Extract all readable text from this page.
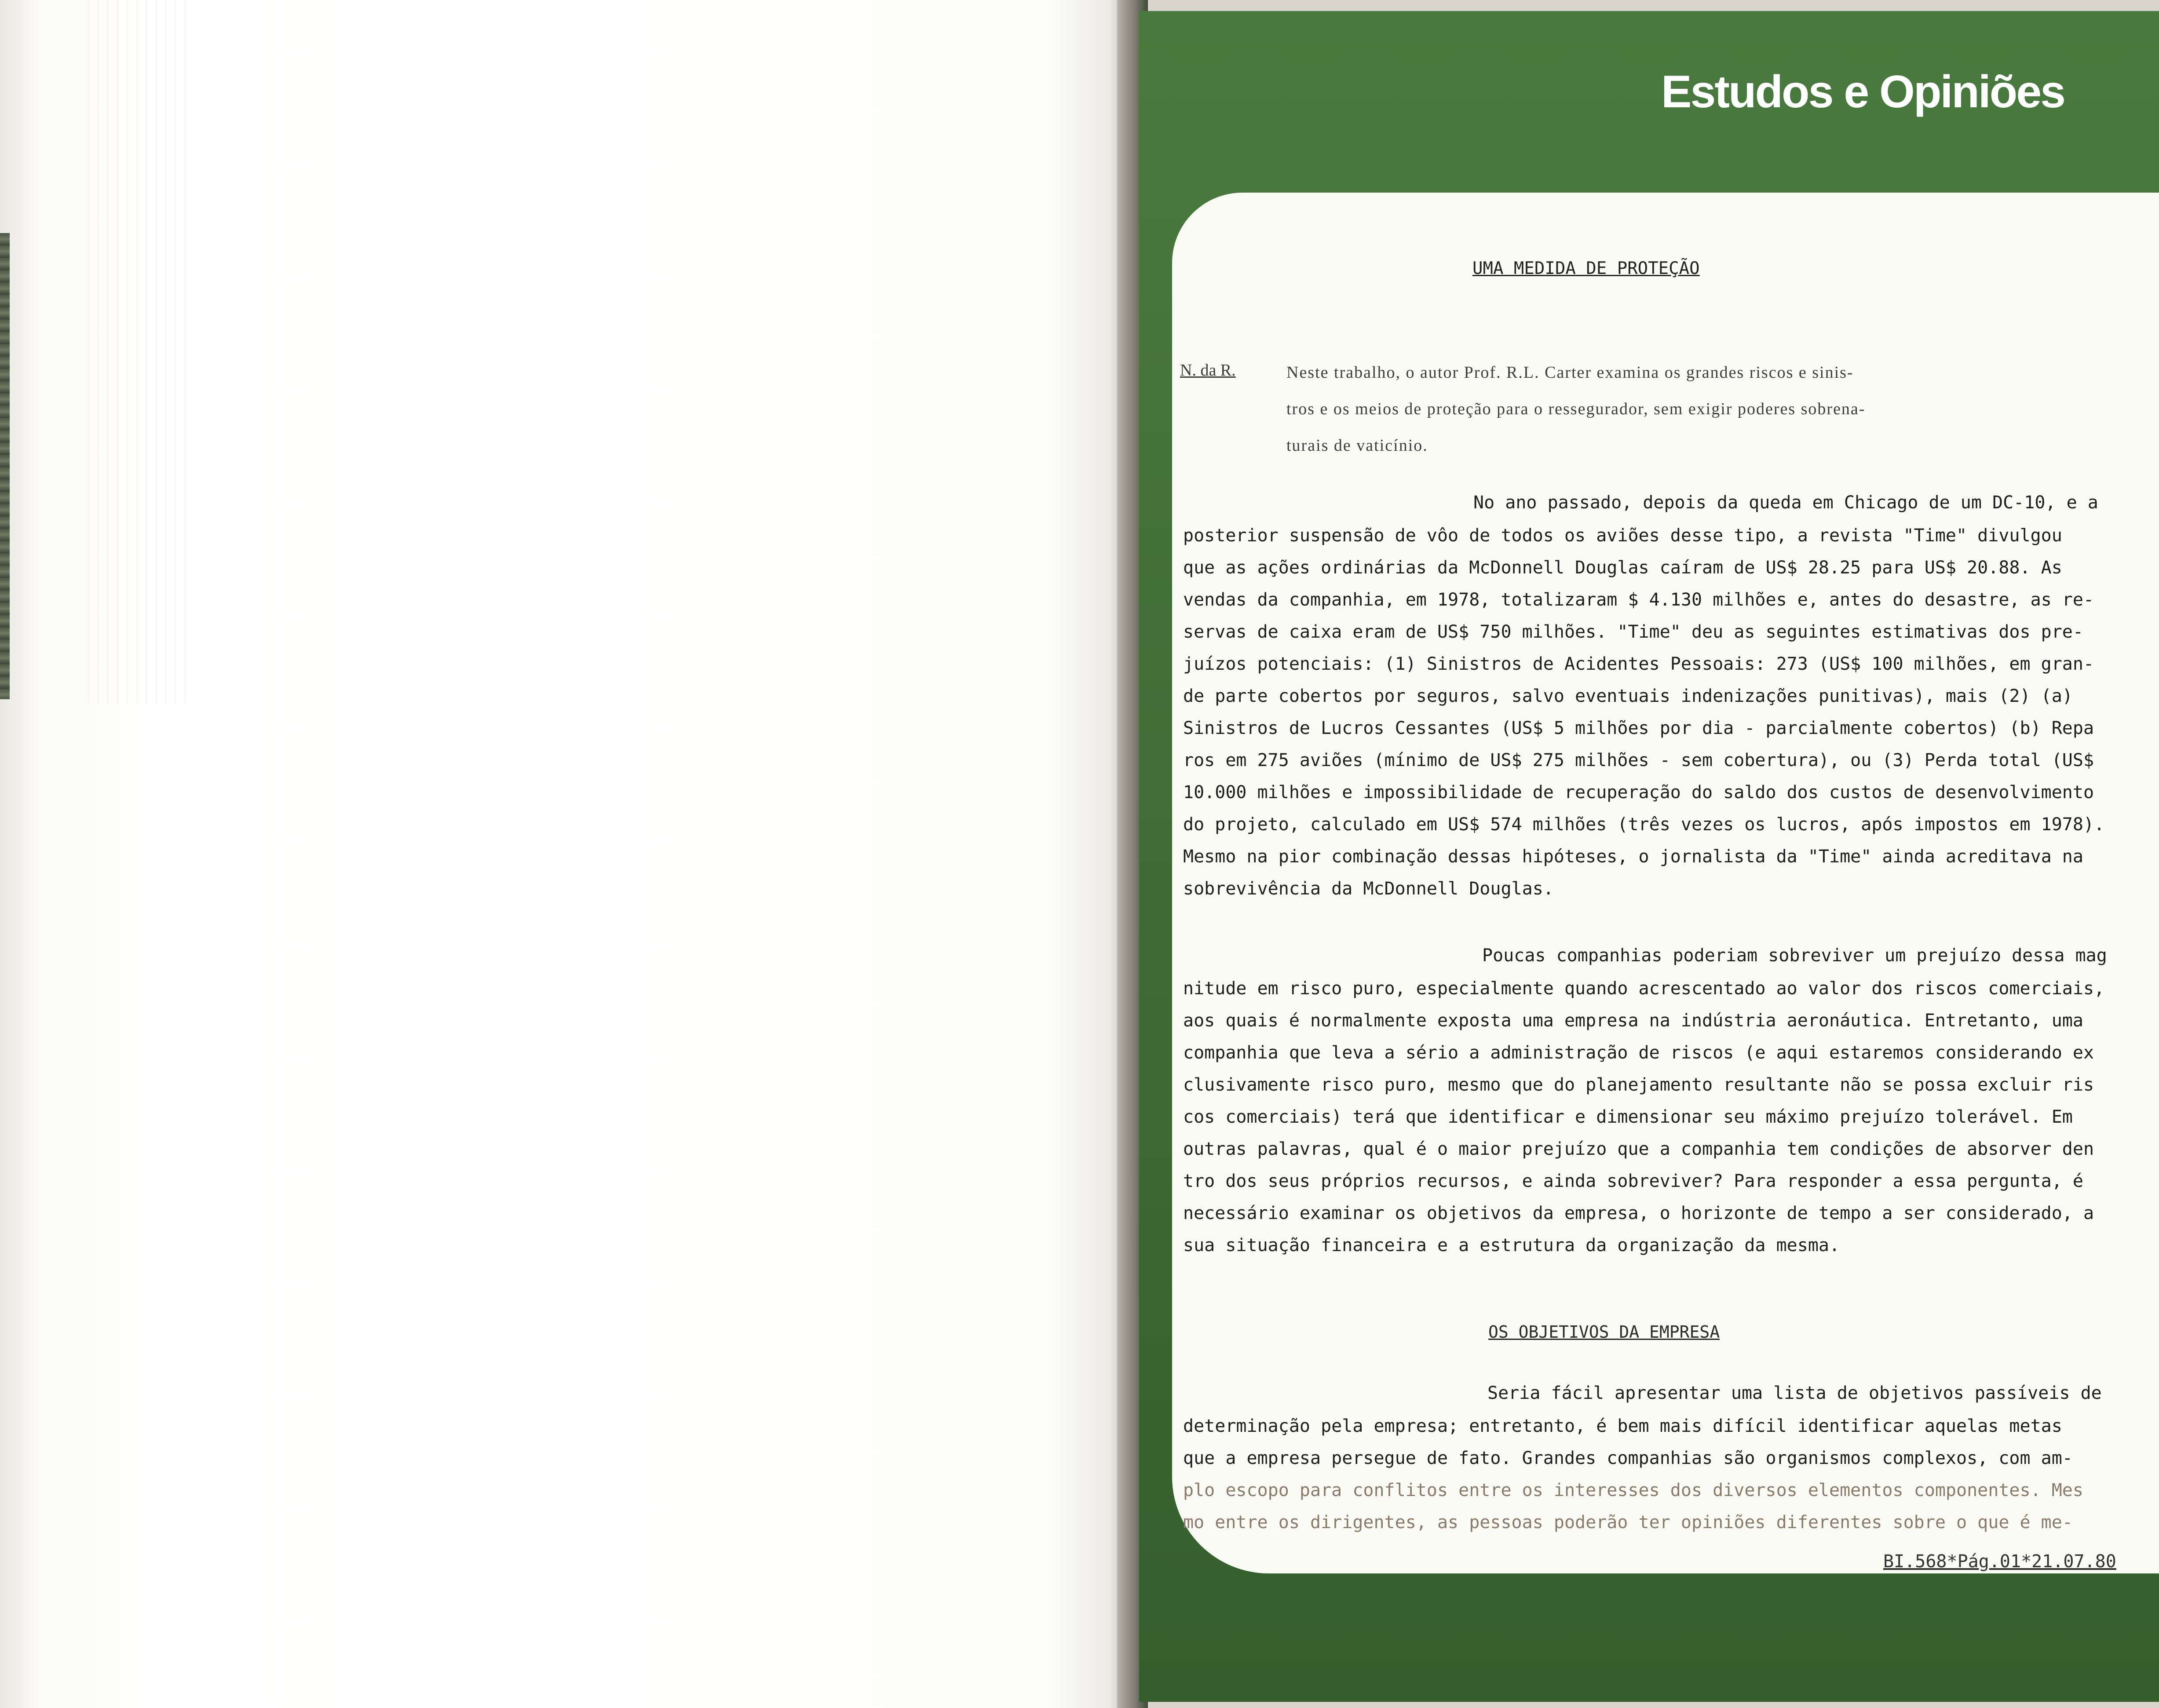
Estudos e Opiniões
UMA MEDIDA DE PROTEÇÃO
N. da R.	Neste trabalho, o autor Prof. R.L. Carter examina os grandes riscos e sinis-
tros e os meios de proteção para o ressegurador, sem exigir poderes sobrena-
turais de vaticínio.
No ano passado, depois da queda em Chicago de um DC-10, e a
posterior suspensão de vôo de todos os aviões desse tipo, a revista "Time" divulgou
que as ações ordinárias da McDonnell Douglas caíram de US$ 28.25 para US$ 20.88. As
vendas da companhia, em 1978, totalizaram $ 4.130 milhões e, antes do desastre, as re-
servas de caixa eram de US$ 750 milhões. "Time" deu as seguintes estimativas dos pre-
juízos potenciais: (1) Sinistros de Acidentes Pessoais: 273 (US$ 100 milhões, em gran-
de parte cobertos por seguros, salvo eventuais indenizações punitivas), mais (2) (a)
Sinistros de Lucros Cessantes (US$ 5 milhões por dia - parcialmente cobertos) (b) Repa
ros em 275 aviões (mínimo de US$ 275 milhões - sem cobertura), ou (3) Perda total (US$
10.000 milhões e impossibilidade de recuperação do saldo dos custos de desenvolvimento
do projeto, calculado em US$ 574 milhões (três vezes os lucros, após impostos em 1978).
Mesmo na pior combinação dessas hipóteses, o jornalista da "Time" ainda acreditava na
sobrevivência da McDonnell Douglas.
Poucas companhias poderiam sobreviver um prejuízo dessa mag
nitude em risco puro, especialmente quando acrescentado ao valor dos riscos comerciais,
aos quais é normalmente exposta uma empresa na indústria aeronáutica. Entretanto, uma
companhia que leva a sério a administração de riscos (e aqui estaremos considerando ex
clusivamente risco puro, mesmo que do planejamento resultante não se possa excluir ris
cos comerciais) terá que identificar e dimensionar seu máximo prejuízo tolerável. Em
outras palavras, qual é o maior prejuízo que a companhia tem condições de absorver den
tro dos seus próprios recursos, e ainda sobreviver? Para responder a essa pergunta, é
necessário examinar os objetivos da empresa, o horizonte de tempo a ser considerado, a
sua situação financeira e a estrutura da organização da mesma.
OS OBJETIVOS DA EMPRESA
Seria fácil apresentar uma lista de objetivos passíveis de
determinação pela empresa; entretanto, é bem mais difícil identificar aquelas metas
que a empresa persegue de fato. Grandes companhias são organismos complexos, com am-
plo escopo para conflitos entre os interesses dos diversos elementos componentes. Mes
mo entre os dirigentes, as pessoas poderão ter opiniões diferentes sobre o que é me-
BI.568*Pág.01*21.07.80
